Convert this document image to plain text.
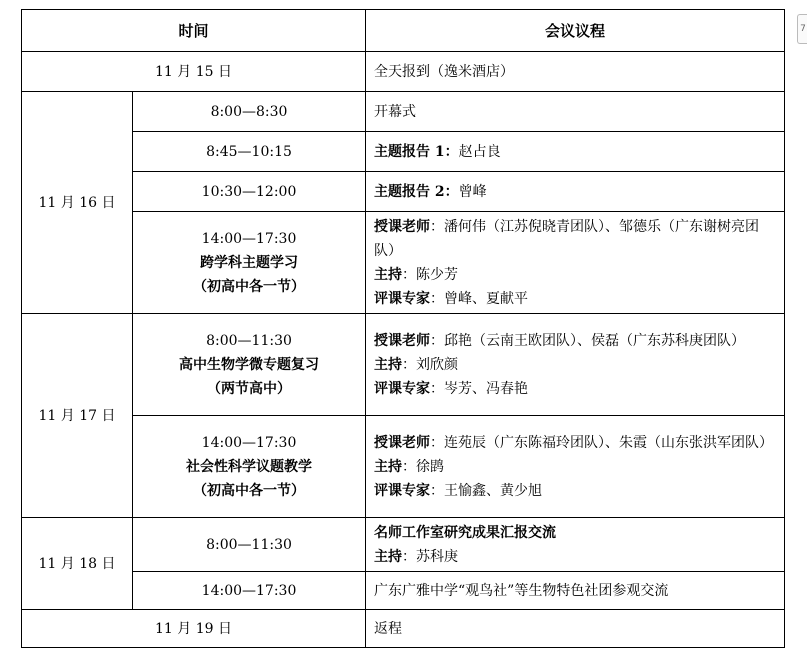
时间		会议议程
11 月 15 日		全天报到（逸米酒店）
11 月 16 日	8:00—8:30	开幕式
	8:45—10:15	主题报告 1：赵占良
	10:30—12:00	主题报告 2：曾峰

	14:00—17:30
跨学科主题学习
（初高中各一节）	授课老师：潘何伟（江苏倪晓青团队）、邹德乐（广东谢树亮团队）
主持：陈少芳
评课专家：曾峰、夏献平

11 月 17 日	8:00—11:30
高中生物学微专题复习
（两节高中）	授课老师：邱艳（云南王欧团队）、侯磊（广东苏科庚团队）
主持：刘欣颜
评课专家：岑芳、冯春艳

	14:00—17:30
社会性科学议题教学
（初高中各一节）	授课老师：连苑辰（广东陈福玲团队）、朱霞（山东张洪军团队）
主持：徐鹍
评课专家：王愉鑫、黄少旭

11 月 18 日	8:00—11:30	名师工作室研究成果汇报交流
主持：苏科庚

	14:00—17:30	广东广雅中学“观鸟社”等生物特色社团参观交流
11 月 19 日		返程
7
